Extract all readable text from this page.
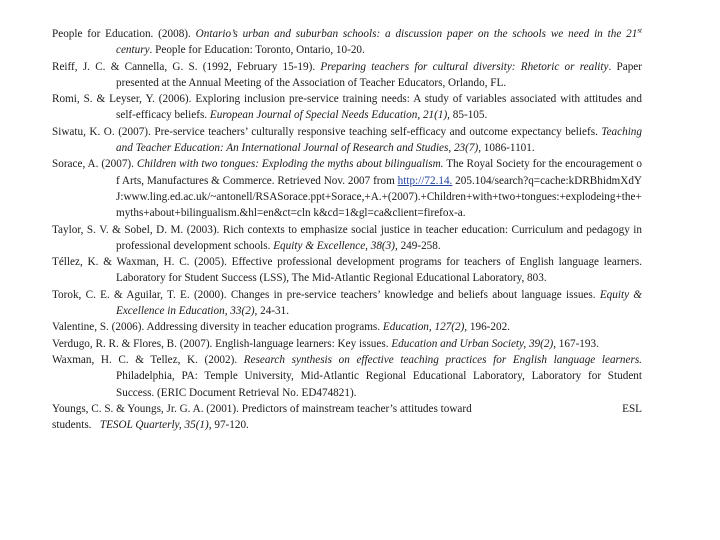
People for Education. (2008). Ontario’s urban and suburban schools: a discussion paper on the schools we need in the 21st century. People for Education: Toronto, Ontario, 10-20.

Reiff, J. C. & Cannella, G. S. (1992, February 15-19). Preparing teachers for cultural diversity: Rhetoric or reality. Paper presented at the Annual Meeting of the Association of Teacher Educators, Orlando, FL.

Romi, S. & Leyser, Y. (2006). Exploring inclusion pre-service training needs: A study of variables associated with attitudes and self-efficacy beliefs. European Journal of Special Needs Education, 21(1), 85-105.

Siwatu, K. O. (2007). Pre-service teachers’ culturally responsive teaching self-efficacy and outcome expectancy beliefs. Teaching and Teacher Education: An International Journal of Research and Studies, 23(7), 1086-1101.

Sorace, A. (2007). Children with two tongues: Exploding the myths about bilingualism. The Royal Society for the encouragement of Arts, Manufactures & Commerce. Retrieved Nov. 2007 from http://72.14. 205.104/search?q=cache:kDRBhidmXdYJ:www.ling.ed.ac.uk/~antonell/RSASorace.ppt+Sorace,+A.+(2007).+Children+with+two+tongues:+explodeing+the+myths+about+bilingualism.&hl=en&ct=cln k&cd=1&gl=ca&client=firefox-a.

Taylor, S. V. & Sobel, D. M. (2003). Rich contexts to emphasize social justice in teacher education: Curriculum and pedagogy in professional development schools. Equity & Excellence, 38(3), 249-258.

Téllez, K. & Waxman, H. C. (2005). Effective professional development programs for teachers of English language learners. Laboratory for Student Success (LSS), The Mid-Atlantic Regional Educational Laboratory, 803.

Torok, C. E. & Aguilar, T. E. (2000). Changes in pre-service teachers’ knowledge and beliefs about language issues. Equity & Excellence in Education, 33(2), 24-31.

Valentine, S. (2006). Addressing diversity in teacher education programs. Education, 127(2), 196-202.

Verdugo, R. R. & Flores, B. (2007). English-language learners: Key issues. Education and Urban Society, 39(2), 167-193.

Waxman, H. C. & Tellez, K. (2002). Research synthesis on effective teaching practices for English language learners. Philadelphia, PA: Temple University, Mid-Atlantic Regional Educational Laboratory, Laboratory for Student Success. (ERIC Document Retrieval No. ED474821).

Youngs, C. S. & Youngs, Jr. G. A. (2001). Predictors of mainstream teacher’s attitudes toward	ESL
students.   TESOL Quarterly, 35(1), 97-120.
